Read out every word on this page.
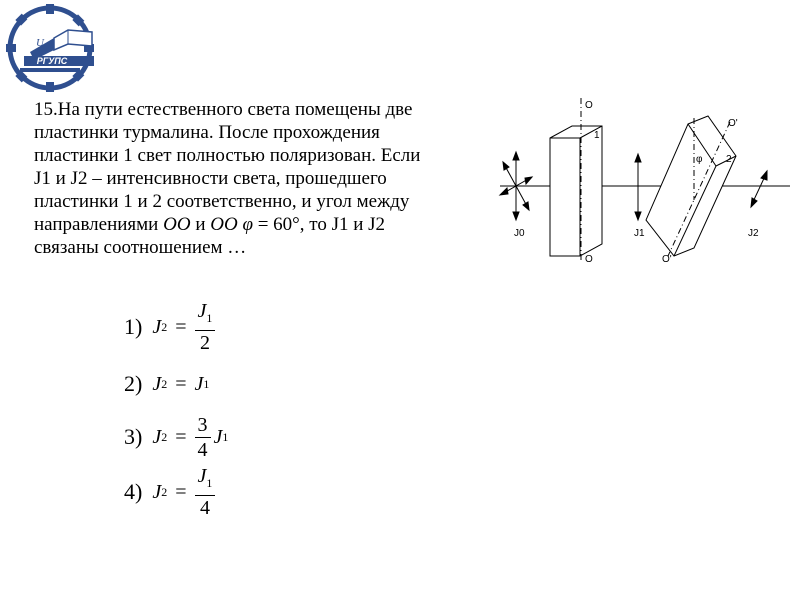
U
РГУПС
15.На пути естественного света помещены две
пластинки турмалина. После прохождения
пластинки 1 свет полностью поляризован. Если
J1 и J2 – интенсивности света, прошедшего
пластинки 1 и 2 соответственно, и угол между
направлениями OO и OO φ = 60°, то J1 и J2
связаны соотношением …
O
O
O'
O'
1
2
φ
J0	J1	J2
1) J $2 = \frac{J_1}{2}$
2) J 2 = J 1
3) J $2 = \frac{3}{4}$ J 1
4) J $2 = \frac{J_1}{4}$
